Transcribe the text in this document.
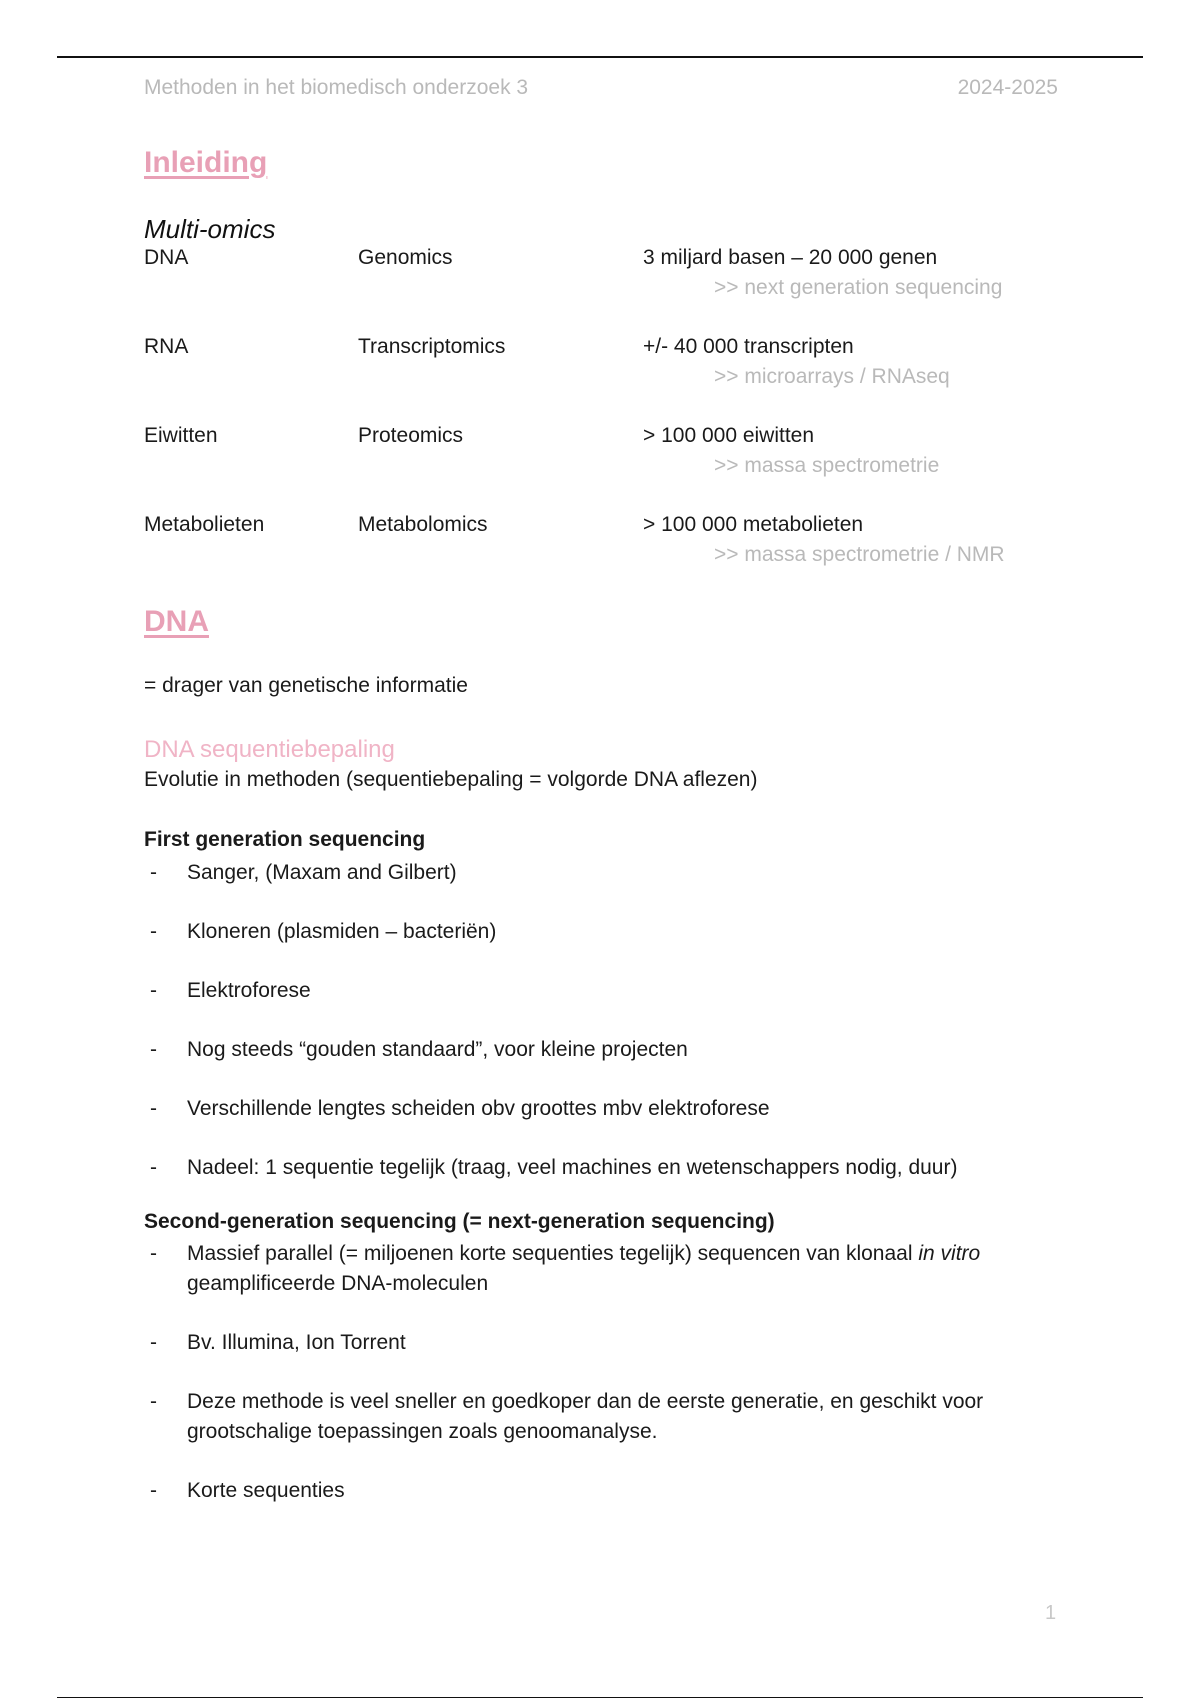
Methoden in het biomedisch onderzoek 3	2024-2025
Inleiding
Multi-omics
DNA	Genomics	3 miljard basen – 20 000 genen
>> next generation sequencing
RNA	Transcriptomics	+/- 40 000 transcripten
>> microarrays / RNAseq
Eiwitten	Proteomics	> 100 000 eiwitten
>> massa spectrometrie
Metabolieten	Metabolomics	> 100 000 metabolieten
>> massa spectrometrie / NMR
DNA
= drager van genetische informatie
DNA sequentiebepaling
Evolutie in methoden (sequentiebepaling = volgorde DNA aflezen)
First generation sequencing
- Sanger, (Maxam and Gilbert)
- Kloneren (plasmiden – bacteriën)
- Elektroforese
- Nog steeds “gouden standaard”, voor kleine projecten
- Verschillende lengtes scheiden obv groottes mbv elektroforese
- Nadeel: 1 sequentie tegelijk (traag, veel machines en wetenschappers nodig, duur)
Second-generation sequencing (= next-generation sequencing)
- Massief parallel (= miljoenen korte sequenties tegelijk) sequencen van klonaal in vitro geamplificeerde DNA-moleculen
- Bv. Illumina, Ion Torrent
- Deze methode is veel sneller en goedkoper dan de eerste generatie, en geschikt voor grootschalige toepassingen zoals genoomanalyse.
- Korte sequenties
1
